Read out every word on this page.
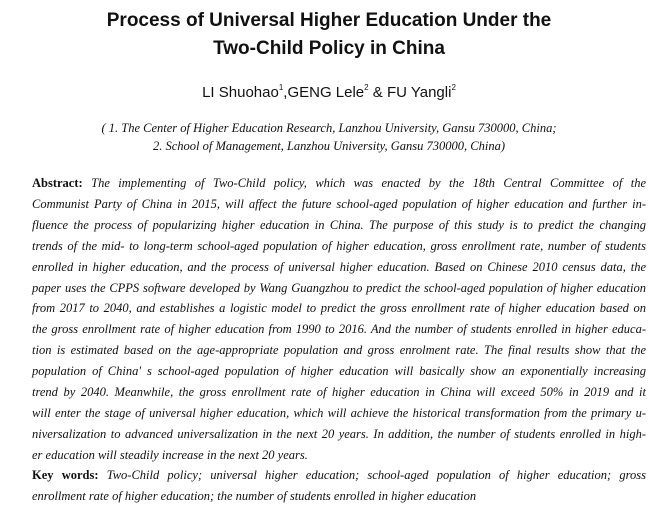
Process of Universal Higher Education Under the
Two-Child Policy in China
LI Shuohao$^1$,GENG Lele$^2$ & FU Yangli$^2$
( 1. The Center of Higher Education Research, Lanzhou University, Gansu 730000, China;
2. School of Management, Lanzhou University, Gansu 730000, China)
Abstract: The implementing of Two-Child policy, which was enacted by the 18th Central Committee of the
Communist Party of China in 2015, will affect the future school-aged population of higher education and further in-
fluence the process of popularizing higher education in China. The purpose of this study is to predict the changing
trends of the mid- to long-term school-aged population of higher education, gross enrollment rate, number of students
enrolled in higher education, and the process of universal higher education. Based on Chinese 2010 census data, the
paper uses the CPPS software developed by Wang Guangzhou to predict the school-aged population of higher education
from 2017 to 2040, and establishes a logistic model to predict the gross enrollment rate of higher education based on
the gross enrollment rate of higher education from 1990 to 2016. And the number of students enrolled in higher educa-
tion is estimated based on the age-appropriate population and gross enrolment rate. The final results show that the
population of China' s school-aged population of higher education will basically show an exponentially increasing
trend by 2040. Meanwhile, the gross enrollment rate of higher education in China will exceed 50% in 2019 and it
will enter the stage of universal higher education, which will achieve the historical transformation from the primary u-
niversalization to advanced universalization in the next 20 years. In addition, the number of students enrolled in high-
er education will steadily increase in the next 20 years.
Key words: Two-Child policy; universal higher education; school-aged population of higher education; gross
enrollment rate of higher education; the number of students enrolled in higher education
